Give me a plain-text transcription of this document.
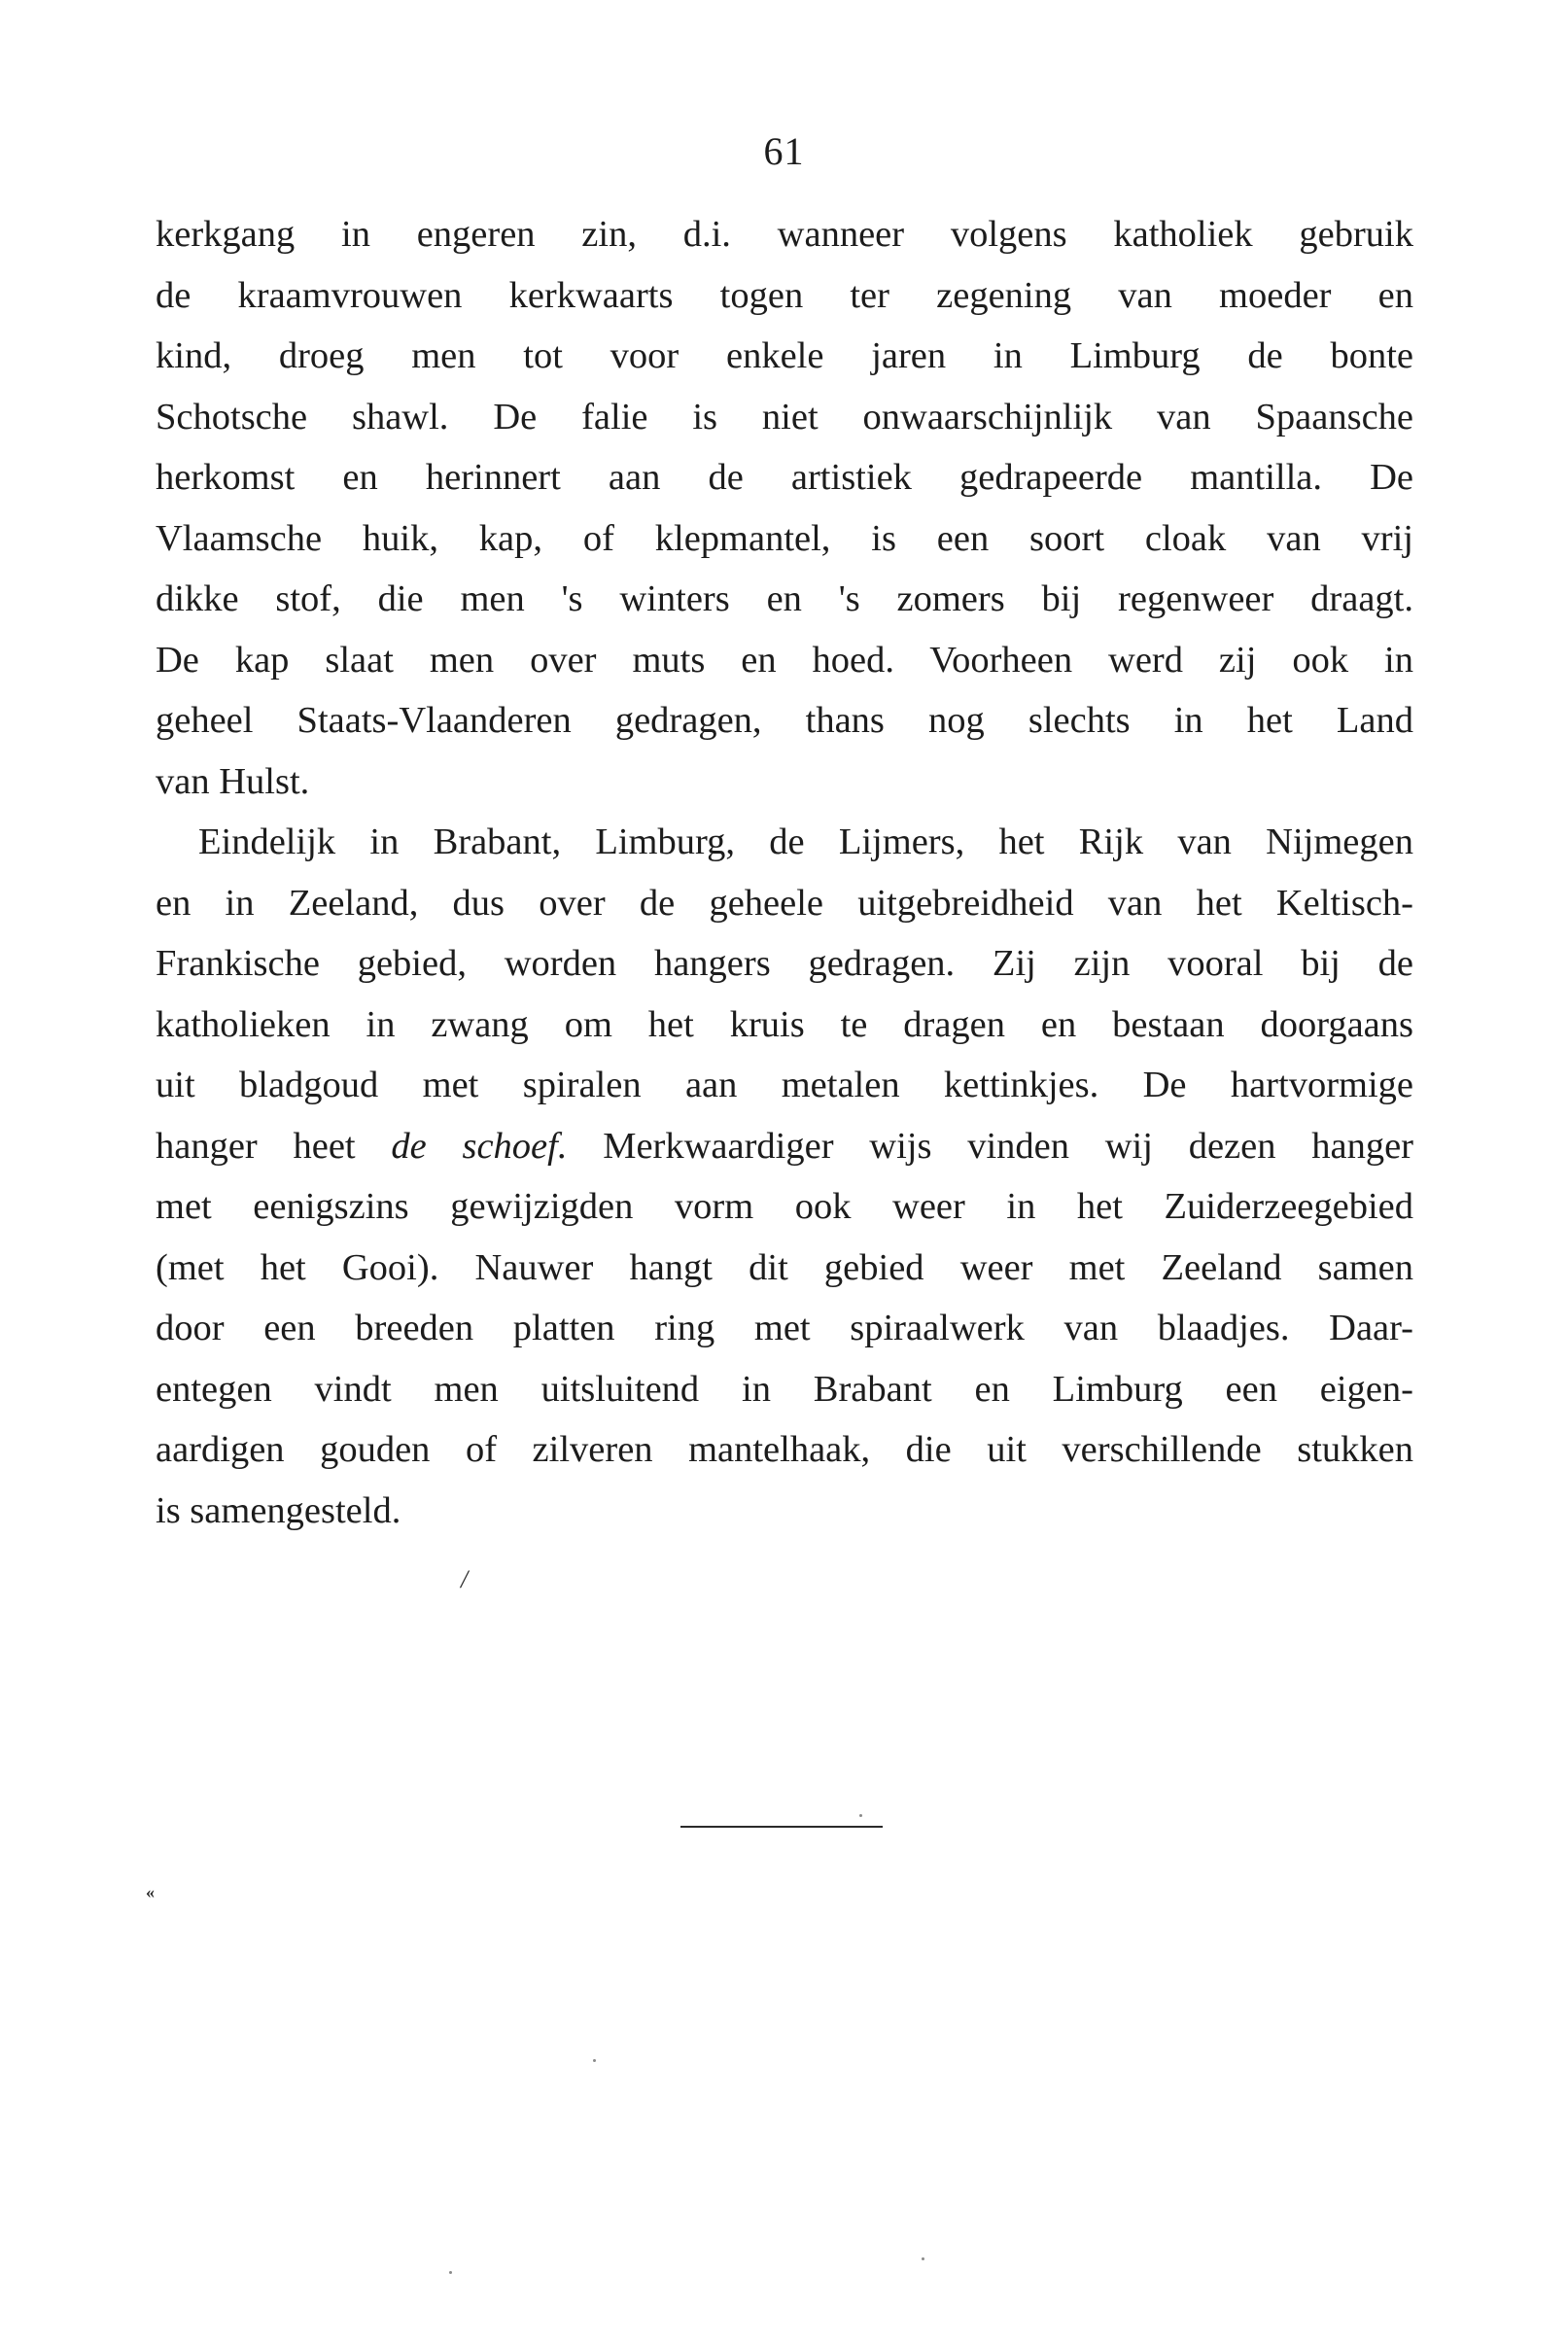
61
kerkgang in engeren zin, d.i. wanneer volgens katholiek gebruik
de kraamvrouwen kerkwaarts togen ter zegening van moeder en
kind, droeg men tot voor enkele jaren in Limburg de bonte
Schotsche shawl. De falie is niet onwaarschijnlijk van Spaansche
herkomst en herinnert aan de artistiek gedrapeerde mantilla. De
Vlaamsche huik, kap, of klepmantel, is een soort cloak van vrij
dikke stof, die men 's winters en 's zomers bij regenweer draagt.
De kap slaat men over muts en hoed. Voorheen werd zij ook in
geheel Staats-Vlaanderen gedragen, thans nog slechts in het Land
van Hulst.
Eindelijk in Brabant, Limburg, de Lijmers, het Rijk van Nijmegen
en in Zeeland, dus over de geheele uitgebreidheid van het Keltisch-
Frankische gebied, worden hangers gedragen. Zij zijn vooral bij de
katholieken in zwang om het kruis te dragen en bestaan doorgaans
uit bladgoud met spiralen aan metalen kettinkjes. De hartvormige
hanger heet de schoef. Merkwaardiger wijs vinden wij dezen hanger
met eenigszins gewijzigden vorm ook weer in het Zuiderzeegebied
(met het Gooi). Nauwer hangt dit gebied weer met Zeeland samen
door een breeden platten ring met spiraalwerk van blaadjes. Daar-
entegen vindt men uitsluitend in Brabant en Limburg een eigen-
aardigen gouden of zilveren mantelhaak, die uit verschillende stukken
is samengesteld.
/
«
